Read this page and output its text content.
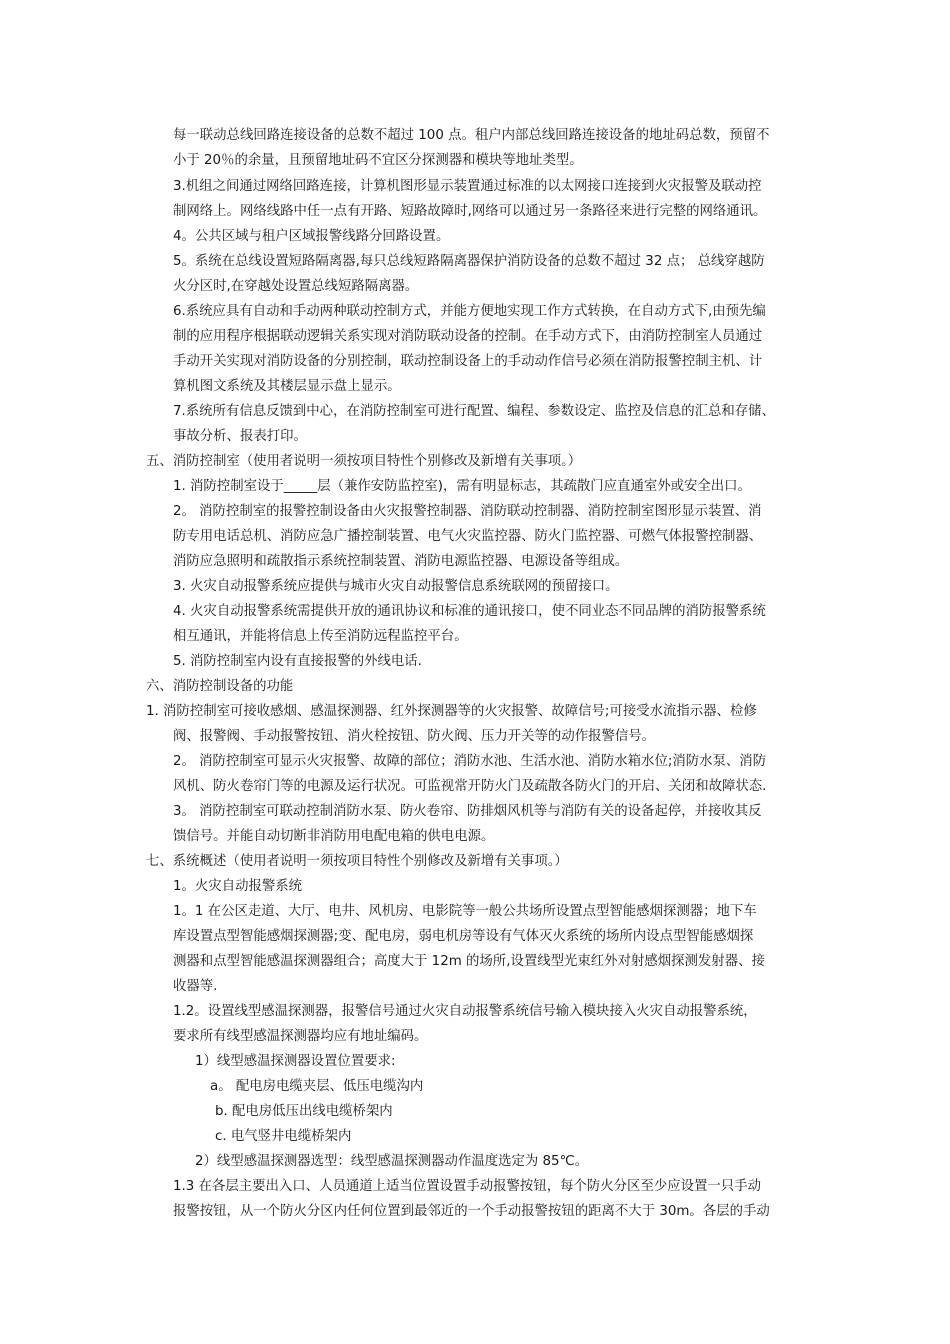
每一联动总线回路连接设备的总数不超过 100 点。租户内部总线回路连接设备的地址码总数，预留不
小于 20％的余量，且预留地址码不宜区分探测器和模块等地址类型。
3.机组之间通过网络回路连接，计算机图形显示装置通过标准的以太网接口连接到火灾报警及联动控
制网络上。网络线路中任一点有开路、短路故障时,网络可以通过另一条路径来进行完整的网络通讯。
4。公共区域与租户区域报警线路分回路设置。
5。系统在总线设置短路隔离器,每只总线短路隔离器保护消防设备的总数不超过 32 点； 总线穿越防
火分区时,在穿越处设置总线短路隔离器。
6.系统应具有自动和手动两种联动控制方式，并能方便地实现工作方式转换，在自动方式下,由预先编
制的应用程序根据联动逻辑关系实现对消防联动设备的控制。在手动方式下，由消防控制室人员通过
手动开关实现对消防设备的分别控制，联动控制设备上的手动动作信号必须在消防报警控制主机、计
算机图文系统及其楼层显示盘上显示。
7.系统所有信息反馈到中心，在消防控制室可进行配置、编程、参数设定、监控及信息的汇总和存储、
事故分析、报表打印。
五、消防控制室（使用者说明一须按项目特性个别修改及新增有关事项。）
1. 消防控制室设于_____层（兼作安防监控室)，需有明显标志，其疏散门应直通室外或安全出口。
2。 消防控制室的报警控制设备由火灾报警控制器、消防联动控制器、消防控制室图形显示装置、消
防专用电话总机、消防应急广播控制装置、电气火灾监控器、防火门监控器、可燃气体报警控制器、
消防应急照明和疏散指示系统控制装置、消防电源监控器、电源设备等组成。
3. 火灾自动报警系统应提供与城市火灾自动报警信息系统联网的预留接口。
4. 火灾自动报警系统需提供开放的通讯协议和标准的通讯接口，使不同业态不同品牌的消防报警系统
相互通讯，并能将信息上传至消防远程监控平台。
5. 消防控制室内设有直接报警的外线电话.
六、消防控制设备的功能
1. 消防控制室可接收感烟、感温探测器、红外探测器等的火灾报警、故障信号;可接受水流指示器、检修
阀、报警阀、手动报警按钮、消火栓按钮、防火阀、压力开关等的动作报警信号。
2。 消防控制室可显示火灾报警、故障的部位；消防水池、生活水池、消防水箱水位;消防水泵、消防
风机、防火卷帘门等的电源及运行状况。可监视常开防火门及疏散各防火门的开启、关闭和故障状态.
3。 消防控制室可联动控制消防水泵、防火卷帘、防排烟风机等与消防有关的设备起停，并接收其反
馈信号。并能自动切断非消防用电配电箱的供电电源。
七、系统概述（使用者说明一须按项目特性个别修改及新增有关事项。）
1。火灾自动报警系统
1。1 在公区走道、大厅、电井、风机房、电影院等一般公共场所设置点型智能感烟探测器；地下车
库设置点型智能感烟探测器;变、配电房，弱电机房等设有气体灭火系统的场所内设点型智能感烟探
测器和点型智能感温探测器组合；高度大于 12m 的场所,设置线型光束红外对射感烟探测发射器、接
收器等.
1.2。设置线型感温探测器，报警信号通过火灾自动报警系统信号输入模块接入火灾自动报警系统，
要求所有线型感温探测器均应有地址编码。
1）线型感温探测器设置位置要求:
a。 配电房电缆夹层、低压电缆沟内
b. 配电房低压出线电缆桥架内
c. 电气竖井电缆桥架内
2）线型感温探测器选型：线型感温探测器动作温度选定为 85℃。
1.3 在各层主要出入口、人员通道上适当位置设置手动报警按钮，每个防火分区至少应设置一只手动
报警按钮，从一个防火分区内任何位置到最邻近的一个手动报警按钮的距离不大于 30m。各层的手动
